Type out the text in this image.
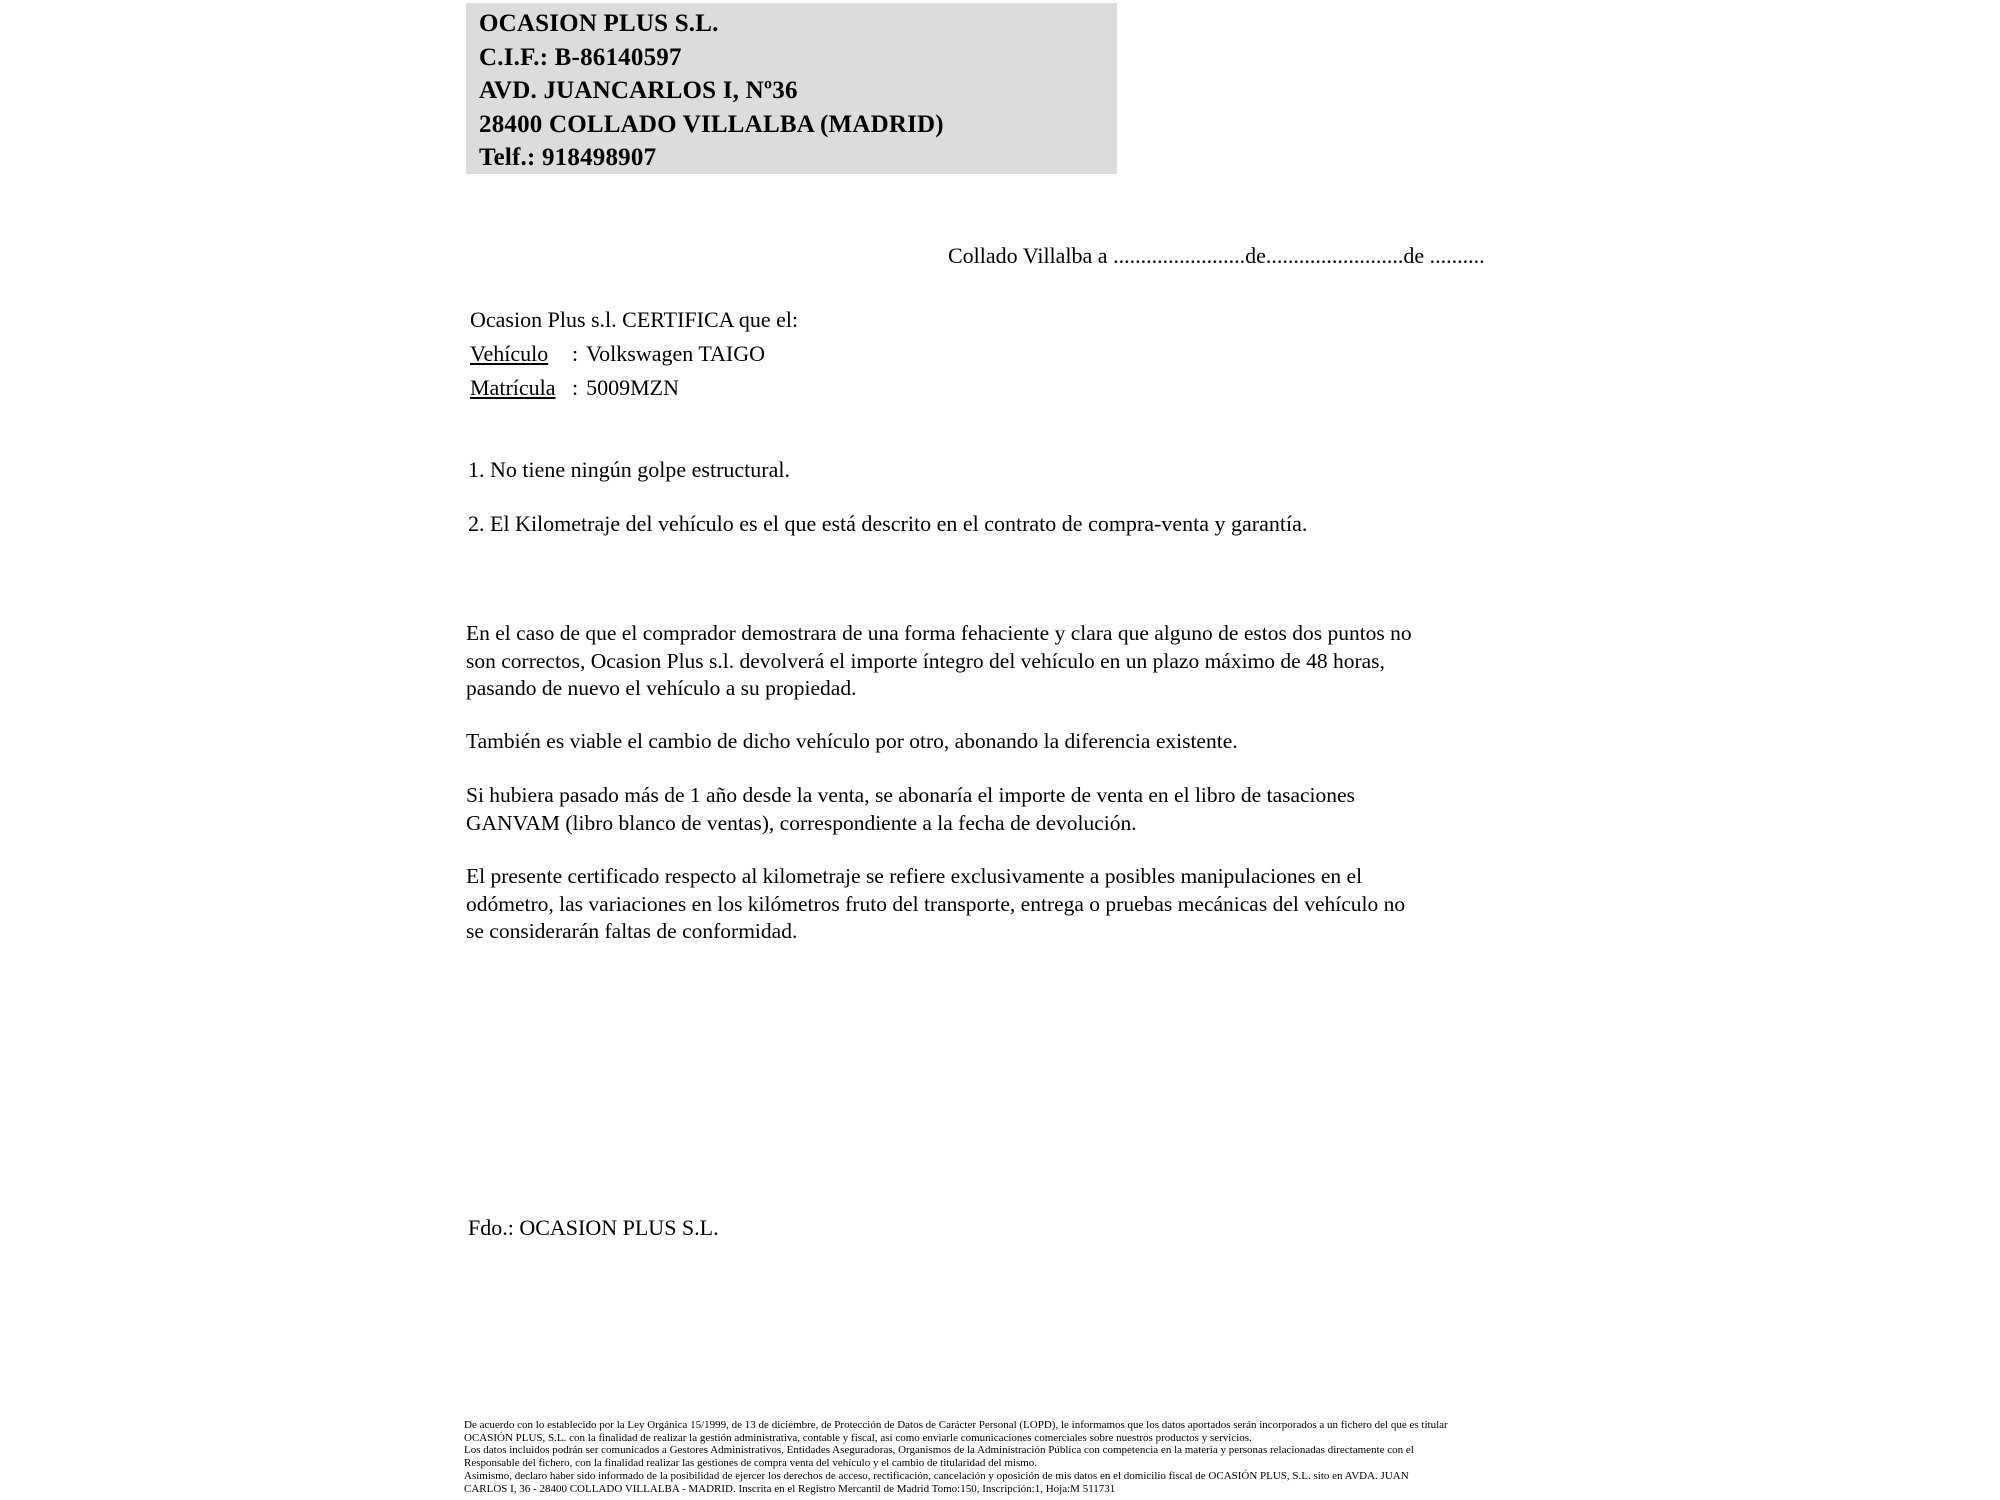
OCASION PLUS S.L.
C.I.F.: B-86140597
AVD. JUANCARLOS I, Nº36
28400 COLLADO VILLALBA (MADRID)
Telf.: 918498907
Collado Villalba a ........................de.........................de ..........
Ocasion Plus s.l. CERTIFICA que el:
Vehículo : Volkswagen TAIGO
Matrícula : 5009MZN
1. No tiene ningún golpe estructural.
2. El Kilometraje del vehículo es el que está descrito en el contrato de compra-venta y garantía.
En el caso de que el comprador demostrara de una forma fehaciente y clara que alguno de estos dos puntos no
son correctos, Ocasion Plus s.l. devolverá el importe íntegro del vehículo en un plazo máximo de 48 horas,
pasando de nuevo el vehículo a su propiedad.
También es viable el cambio de dicho vehículo por otro, abonando la diferencia existente.
Si hubiera pasado más de 1 año desde la venta, se abonaría el importe de venta en el libro de tasaciones
GANVAM (libro blanco de ventas), correspondiente a la fecha de devolución.
El presente certificado respecto al kilometraje se refiere exclusivamente a posibles manipulaciones en el
odómetro, las variaciones en los kilómetros fruto del transporte, entrega o pruebas mecánicas del vehículo no
se considerarán faltas de conformidad.
Fdo.: OCASION PLUS S.L.
De acuerdo con lo establecido por la Ley Orgánica 15/1999, de 13 de diciembre, de Protección de Datos de Carácter Personal (LOPD), le informamos que los datos aportados serán incorporados a un fichero del que es titular
OCASIÓN PLUS, S.L. con la finalidad de realizar la gestión administrativa, contable y fiscal, así como enviarle comunicaciones comerciales sobre nuestros productos y servicios.
Los datos incluidos podrán ser comunicados a Gestores Administrativos, Entidades Aseguradoras, Organismos de la Administración Pública con competencia en la materia y personas relacionadas directamente con el
Responsable del fichero, con la finalidad realizar las gestiones de compra venta del vehículo y el cambio de titularidad del mismo.
Asimismo, declaro haber sido informado de la posibilidad de ejercer los derechos de acceso, rectificación, cancelación y oposición de mis datos en el domicilio fiscal de OCASIÓN PLUS, S.L. sito en AVDA. JUAN
CARLOS I, 36 - 28400 COLLADO VILLALBA - MADRID. Inscrita en el Registro Mercantil de Madrid Tomo:150, Inscripción:1, Hoja:M 511731
